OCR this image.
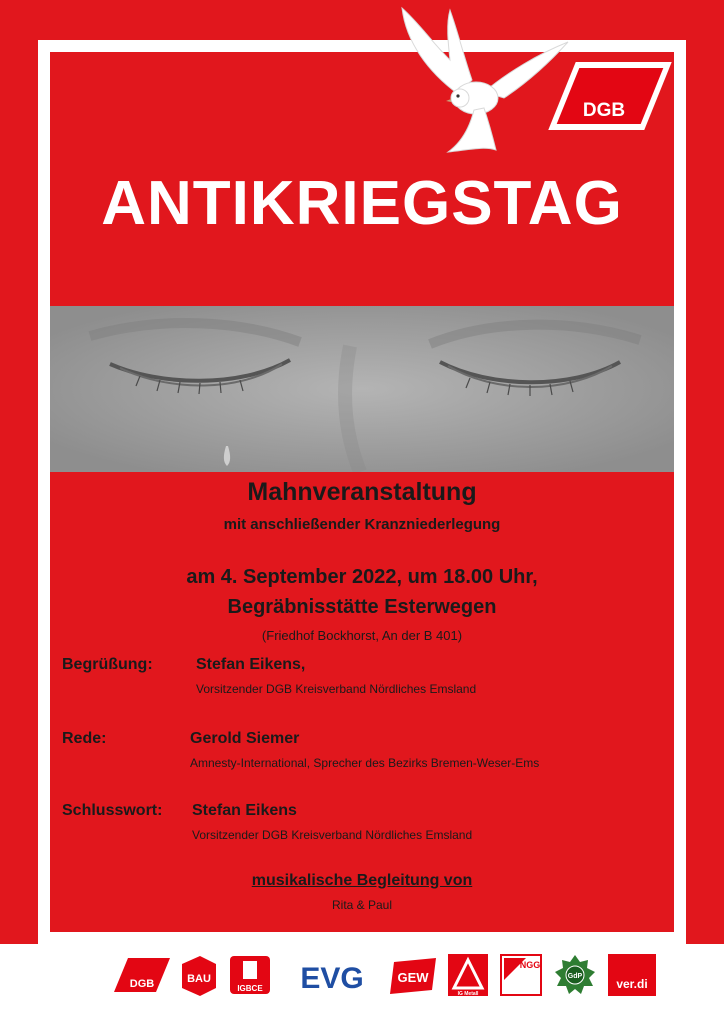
DGB
ANTIKRIEGSTAG
Mahnveranstaltung
mit anschließender Kranzniederlegung
am 4. September 2022, um 18.00 Uhr,
Begräbnisstätte Esterwegen
(Friedhof Bockhorst, An der B 401)
Begrüßung:	Stefan Eikens,
Vorsitzender DGB Kreisverband Nördliches Emsland
Rede:	Gerold Siemer
Amnesty-International, Sprecher des Bezirks Bremen-Weser-Ems
Schlusswort: Stefan Eikens
Vorsitzender DGB Kreisverband Nördliches Emsland
musikalische Begleitung von
Rita & Paul
DGB	BAU
IGBCE EVG	GEW
IG Metall
NGG
GdP
ver.di
